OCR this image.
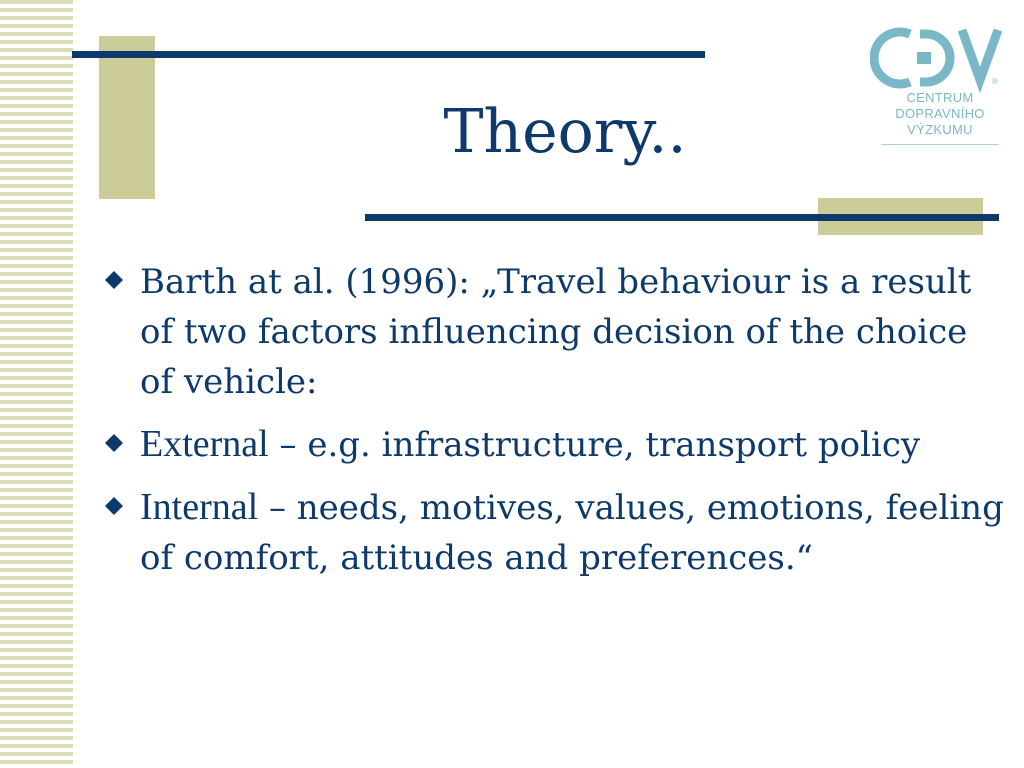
Theory..
®
CENTRUM
DOPRAVNÍHO
VÝZKUMU
Barth at al. (1996): „Travel behaviour is a result of two factors influencing decision of the choice of vehicle:
External – e.g. infrastructure, transport policy
Internal – needs, motives, values, emotions, feeling of comfort, attitudes and preferences.“
